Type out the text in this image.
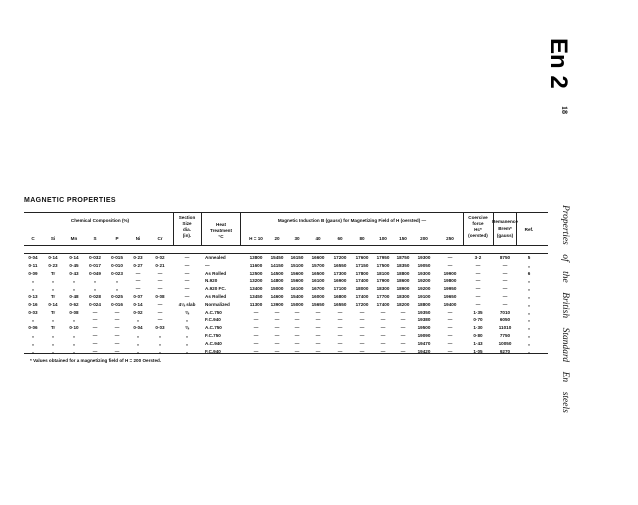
En 2
18
Properties    of    the    British    Standard    En    steels
MAGNETIC PROPERTIES
Chemical Composition (%)
C	Si	Mn	S	P	Ni	Cr
Section
Size
dia.
(in).
Heat
Treatment
°C
Magnetic Induction B (gauss) for Magnetizing Field of H (oersted) —
H = 10	20	30	40	60	80	100	150	200	250
Coercive
force
Hc*
(oersted)
Remanence
Brem*
(gauss)
Ref.
0·04	0·14	0·14	0·032	0·015	0·23	0·02	—	Annealed	13800	15450	16150	16600	17200	17600	17950	18750	19300	—	3·2	8750	5
0·11	0·23	0·45	0·017	0·010	0·27	0·21	—	—	11600	14150	15100	15700	16550	17150	17500	18350	19050	—	—	—	„
0·09	Tr	0·43	0·049	0·023	—	—	—	As Rolled	12500	14500	15600	16500	17300	17800	18100	18800	19300	19900	—	—	6
„	„	„	„	„	—	—	—	N.920	13200	14800	15600	16100	16900	17400	17900	18600	19200	19800	—	—	„
„	„	„	„	„	—	—	—	A.920 FC.	13400	15000	16100	16700	17100	18000	18300	18900	19200	19950	—	—	„
0·13	Tr	0·48	0·028	0·025	0·07	0·08	—	As Rolled	13450	14600	15400	16000	16800	17400	17700	18300	19100	19650	—	—	„
0·16	0·14	0·62	0·024	0·016	0·14	—	4⅛ slab	Normalized	11300	13900	15000	15650	16550	17200	17400	18200	18800	19400	—	—	„
0·03	Tr	0·08	—	—	0·02	—	⅜	A.C.750	—	—	—	—	—	—	—	—	19350	—	1·35	7010	„
„	„	„	—	—	„	—	„	F.C.940	—	—	—	—	—	—	—	—	19380	—	0·70	6050	„
0·06	Tr	0·10	—	—	0·04	0·03	⅜	A.C.750	—	—	—	—	—	—	—	—	19500	—	1·30	11010	„
„	„	„	—	—	„	„	„	F.C.750	—	—	—	—	—	—	—	—	19090	—	0·80	7750	„
„	„	„	—	—	„	„	„	A.C.940	—	—	—	—	—	—	—	—	19470	—	1·43	10050	„
„	„	„	—	—	„	„	„	F.C.940	—	—	—	—	—	—	—	—	19420	—	1·05	9270	„
* Values obtained for a magnetizing field of H = 200 Oersted.
